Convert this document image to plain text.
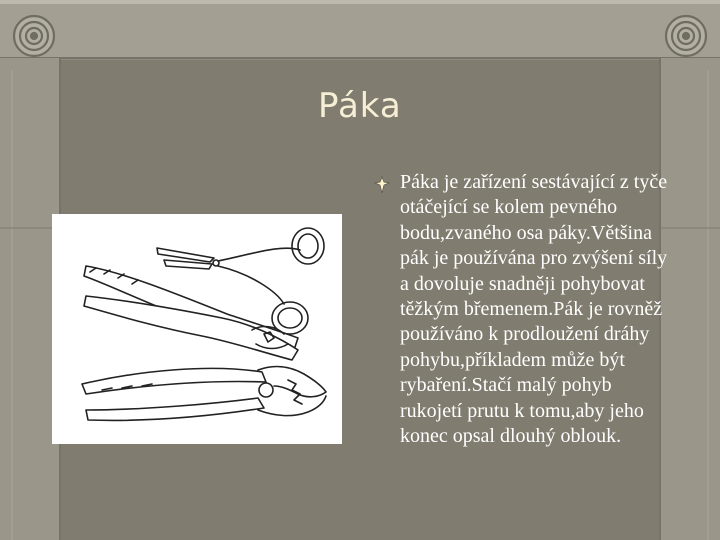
Páka

Páka je zařízení sestávající z tyče otáčející se kolem pevného bodu,zvaného osa páky.Většina pák je používána pro zvýšení síly a dovoluje snadněji pohybovat těžkým břemenem.Pák je rovněž používáno k prodloužení dráhy pohybu,příkladem může být rybaření.Stačí malý pohyb rukojetí prutu k tomu,aby jeho konec opsal dlouhý oblouk.
